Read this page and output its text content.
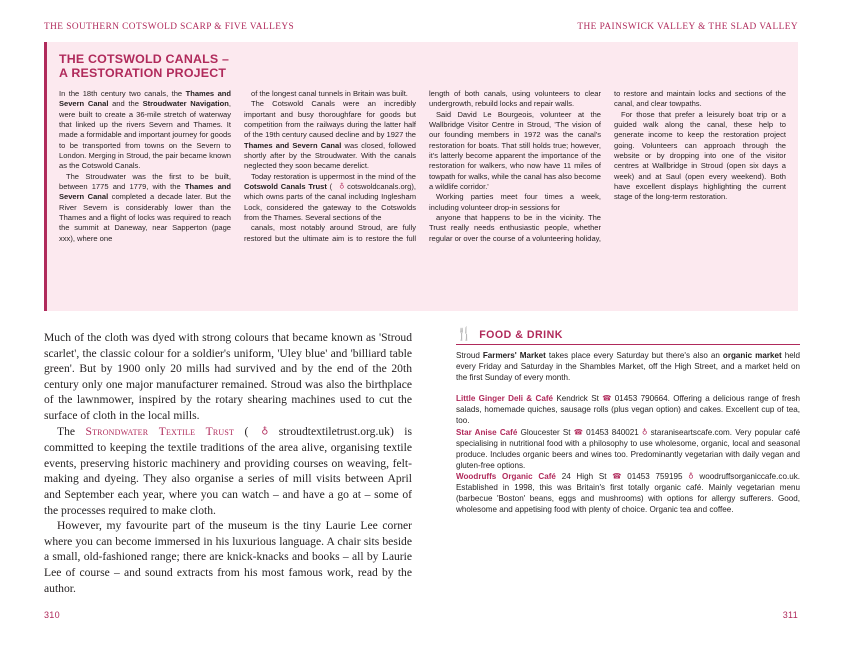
THE SOUTHERN COTSWOLD SCARP & FIVE VALLEYS	THE PAINSWICK VALLEY & THE SLAD VALLEY
THE COTSWOLD CANALS –
A RESTORATION PROJECT

In the 18th century two canals, the Thames and Severn Canal and the Stroudwater Navigation, were built to create a 36-mile stretch of waterway that linked up the rivers Severn and Thames. It made a formidable and important journey for goods to be transported from towns on the Severn to London. Merging in Stroud, the pair became known as the Cotswold Canals.

The Stroudwater was the first to be built, between 1775 and 1779, with the Thames and Severn Canal completed a decade later. But the River Severn is considerably lower than the Thames and a flight of locks was required to reach the summit at Daneway, near Sapperton (page xxx), where one

of the longest canal tunnels in Britain was built.

The Cotswold Canals were an incredibly important and busy thoroughfare for goods but competition from the railways during the latter half of the 19th century caused decline and by 1927 the Thames and Severn Canal was closed, followed shortly after by the Stroudwater. With the canals neglected they soon became derelict.

Today restoration is uppermost in the mind of the Cotswold Canals Trust ( ♁ cotswoldcanals.org), which owns parts of the canal including Inglesham Lock, considered the gateway to the Cotswolds from the Thames. Several sections of the

canals, most notably around Stroud, are fully restored but the ultimate aim is to restore the full length of both canals, using volunteers to clear undergrowth, rebuild locks and repair walls.

Said David Le Bourgeois, volunteer at the Wallbridge Visitor Centre in Stroud, 'The vision of our founding members in 1972 was the canal's restoration for boats. That still holds true; however, it's latterly become apparent the importance of the restoration for walkers, who now have 11 miles of towpath for walks, while the canal has also become a wildlife corridor.'

Working parties meet four times a week, including volunteer drop-in sessions for

anyone that happens to be in the vicinity. The Trust really needs enthusiastic people, whether regular or over the course of a volunteering holiday, to restore and maintain locks and sections of the canal, and clear towpaths.

For those that prefer a leisurely boat trip or a guided walk along the canal, these help to generate income to keep the restoration project going. Volunteers can approach through the website or by dropping into one of the visitor centres at Wallbridge in Stroud (open six days a week) and at Saul (open every weekend). Both have excellent displays highlighting the current stage of the long-term restoration.

Much of the cloth was dyed with strong colours that became known as 'Stroud scarlet', the classic colour for a soldier's uniform, 'Uley blue' and 'billiard table green'. But by 1900 only 20 mills had survived and by the end of the 20th century only one major manufacturer remained. Stroud was also the birthplace of the lawnmower, inspired by the rotary shearing machines used to cut the surface of cloth in the local mills.

The Strondwater Textile Trust ( ♁ stroudtextiletrust.org.uk) is committed to keeping the textile traditions of the area alive, organising textile events, preserving historic machinery and providing courses on weaving, felt-making and dyeing. They also organise a series of mill visits between April and September each year, where you can watch – and have a go at – some of the processes required to make cloth.

However, my favourite part of the museum is the tiny Laurie Lee corner where you can become immersed in his luxurious language. A chair sits beside a small, old-fashioned range; there are knick-knacks and books – all by Laurie Lee of course – and sound extracts from his most famous work, read by the author.

🍴 FOOD & DRINK

Stroud Farmers' Market takes place every Saturday but there's also an organic market held every Friday and Saturday in the Shambles Market, off the High Street, and a market held on the first Sunday of every month.

Little Ginger Deli & Café Kendrick St ☎ 01453 790664. Offering a delicious range of fresh salads, homemade quiches, sausage rolls (plus vegan option) and cakes. Excellent cup of tea, too.

Star Anise Café Gloucester St ☎ 01453 840021 ♁ staraniseartscafe.com. Very popular café specialising in nutritional food with a philosophy to use wholesome, organic, local and seasonal produce. Includes organic beers and wines too. Predominantly vegetarian with daily vegan and gluten-free options.

Woodruffs Organic Café 24 High St ☎ 01453 759195 ♁ woodruffsorganiccafe.co.uk. Established in 1998, this was Britain's first totally organic café. Mainly vegetarian menu (barbecue 'Boston' beans, eggs and mushrooms) with options for allergy sufferers. Good, wholesome and appetising food with plenty of choice. Organic tea and coffee.

310	311
